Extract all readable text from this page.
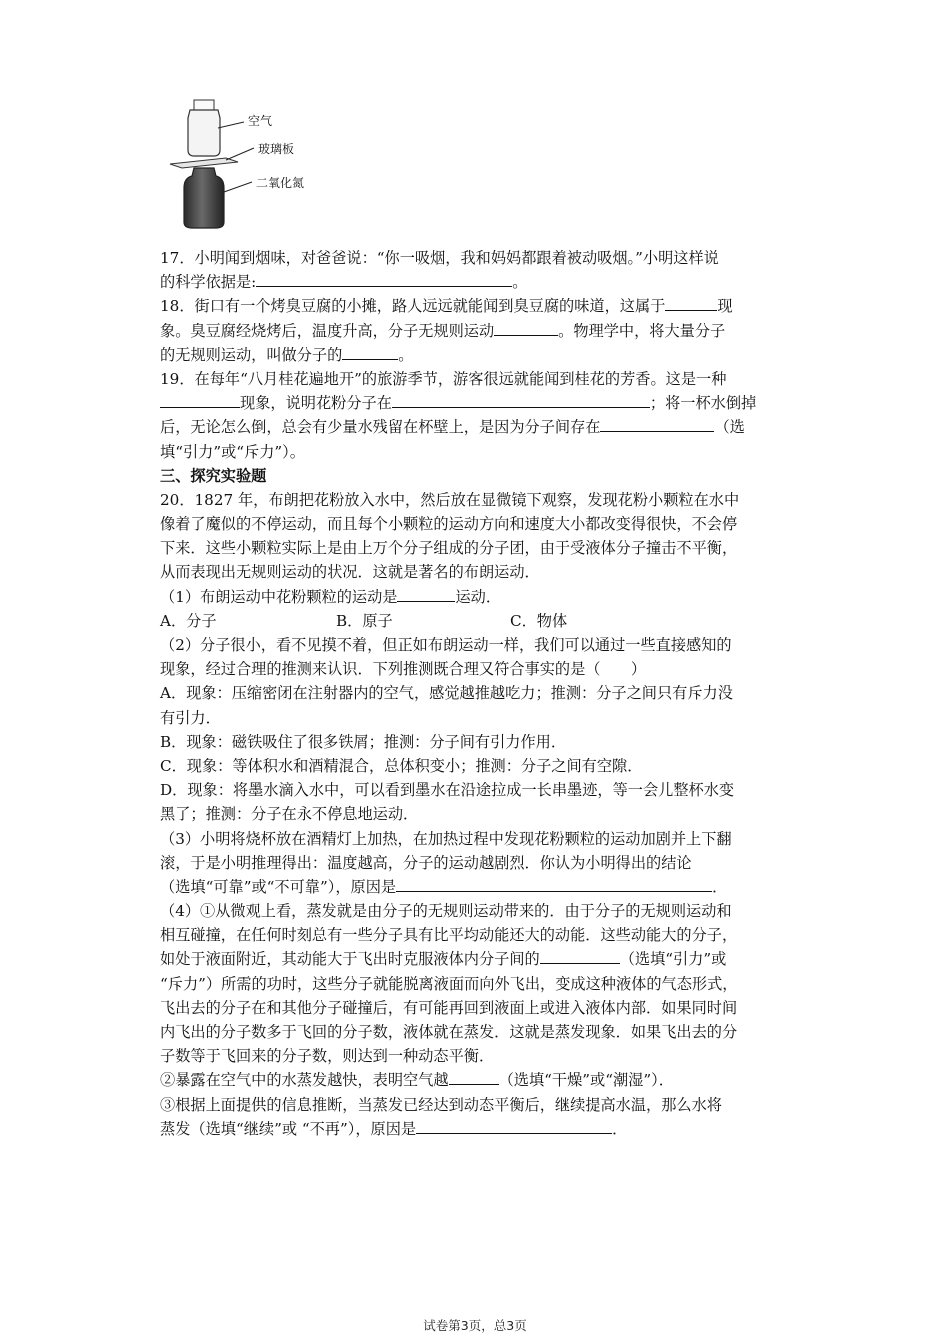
空气
玻璃板
二氧化氮
17．小明闻到烟味，对爸爸说：“你一吸烟，我和妈妈都跟着被动吸烟。”小明这样说
的科学依据是:	。
18．街口有一个烤臭豆腐的小摊，路人远远就能闻到臭豆腐的味道，这属于	现
象。臭豆腐经烧烤后，温度升高，分子无规则运动	。物理学中，将大量分子
的无规则运动，叫做分子的	。
19．在每年“八月桂花遍地开”的旅游季节，游客很远就能闻到桂花的芳香。这是一种
现象，说明花粉分子在	；将一杯水倒掉
后，无论怎么倒，总会有少量水残留在杯壁上，是因为分子间存在	（选
填“引力”或“斥力”）。
三、探究实验题
20．1827 年，布朗把花粉放入水中，然后放在显微镜下观察，发现花粉小颗粒在水中
像着了魔似的不停运动，而且每个小颗粒的运动方向和速度大小都改变得很快，不会停
下来．这些小颗粒实际上是由上万个分子组成的分子团，由于受液体分子撞击不平衡，
从而表现出无规则运动的状况．这就是著名的布朗运动．
（1）布朗运动中花粉颗粒的运动是	运动．
A．分子	B．原子	C．物体
（2）分子很小，看不见摸不着，但正如布朗运动一样，我们可以通过一些直接感知的
现象，经过合理的推测来认识．下列推测既合理又符合事实的是（　　）
A．现象：压缩密闭在注射器内的空气，感觉越推越吃力；推测：分子之间只有斥力没
有引力．
B．现象：磁铁吸住了很多铁屑；推测：分子间有引力作用．
C．现象：等体积水和酒精混合，总体积变小；推测：分子之间有空隙．
D．现象：将墨水滴入水中，可以看到墨水在沿途拉成一长串墨迹，等一会儿整杯水变
黑了；推测：分子在永不停息地运动．
（3）小明将烧杯放在酒精灯上加热，在加热过程中发现花粉颗粒的运动加剧并上下翻
滚，于是小明推理得出：温度越高，分子的运动越剧烈．你认为小明得出的结论
（选填“可靠”或“不可靠”），原因是	．
（4）①从微观上看，蒸发就是由分子的无规则运动带来的．由于分子的无规则运动和
相互碰撞，在任何时刻总有一些分子具有比平均动能还大的动能．这些动能大的分子，
如处于液面附近，其动能大于飞出时克服液体内分子间的	（选填“引力”或
“斥力”）所需的功时，这些分子就能脱离液面而向外飞出，变成这种液体的气态形式，
飞出去的分子在和其他分子碰撞后，有可能再回到液面上或进入液体内部．如果同时间
内飞出的分子数多于飞回的分子数，液体就在蒸发．这就是蒸发现象．如果飞出去的分
子数等于飞回来的分子数，则达到一种动态平衡．
②暴露在空气中的水蒸发越快，表明空气越	（选填“干燥”或“潮湿”）．
③根据上面提供的信息推断，当蒸发已经达到动态平衡后，继续提高水温，那么水将
蒸发（选填“继续”或 “不再”），原因是	．
试卷第3页，总3页
